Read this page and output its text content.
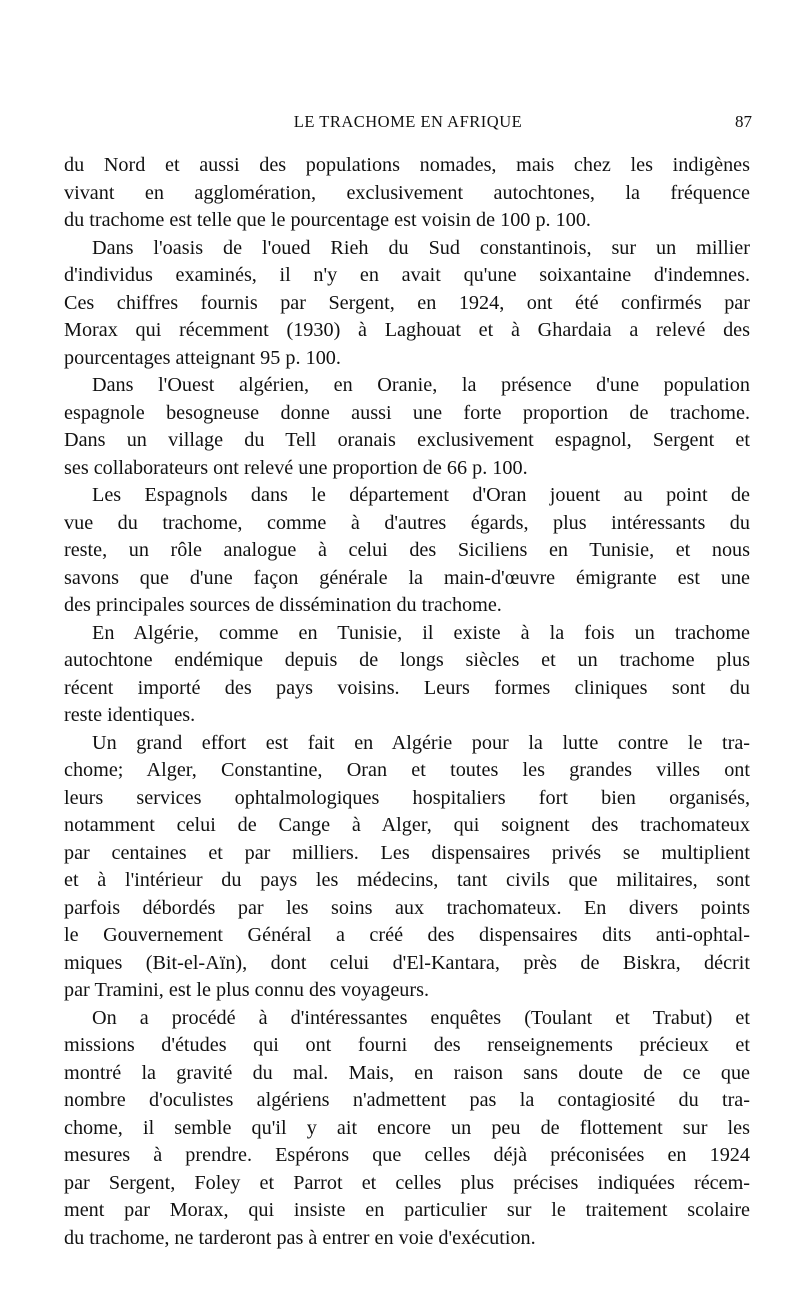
LE TRACHOME EN AFRIQUE	87
du Nord et aussi des populations nomades, mais chez les indigènes
vivant en agglomération, exclusivement autochtones, la fréquence
du trachome est telle que le pourcentage est voisin de 100 p. 100.
Dans l'oasis de l'oued Rieh du Sud constantinois, sur un millier
d'individus examinés, il n'y en avait qu'une soixantaine d'indemnes.
Ces chiffres fournis par Sergent, en 1924, ont été confirmés par
Morax qui récemment (1930) à Laghouat et à Ghardaia a relevé des
pourcentages atteignant 95 p. 100.
Dans l'Ouest algérien, en Oranie, la présence d'une population
espagnole besogneuse donne aussi une forte proportion de trachome.
Dans un village du Tell oranais exclusivement espagnol, Sergent et
ses collaborateurs ont relevé une proportion de 66 p. 100.
Les Espagnols dans le département d'Oran jouent au point de
vue du trachome, comme à d'autres égards, plus intéressants du
reste, un rôle analogue à celui des Siciliens en Tunisie, et nous
savons que d'une façon générale la main-d'œuvre émigrante est une
des principales sources de dissémination du trachome.
En Algérie, comme en Tunisie, il existe à la fois un trachome
autochtone endémique depuis de longs siècles et un trachome plus
récent importé des pays voisins. Leurs formes cliniques sont du
reste identiques.
Un grand effort est fait en Algérie pour la lutte contre le tra-
chome; Alger, Constantine, Oran et toutes les grandes villes ont
leurs services ophtalmologiques hospitaliers fort bien organisés,
notamment celui de Cange à Alger, qui soignent des trachomateux
par centaines et par milliers. Les dispensaires privés se multiplient
et à l'intérieur du pays les médecins, tant civils que militaires, sont
parfois débordés par les soins aux trachomateux. En divers points
le Gouvernement Général a créé des dispensaires dits anti-ophtal-
miques (Bit-el-Aïn), dont celui d'El-Kantara, près de Biskra, décrit
par Tramini, est le plus connu des voyageurs.
On a procédé à d'intéressantes enquêtes (Toulant et Trabut) et
missions d'études qui ont fourni des renseignements précieux et
montré la gravité du mal. Mais, en raison sans doute de ce que
nombre d'oculistes algériens n'admettent pas la contagiosité du tra-
chome, il semble qu'il y ait encore un peu de flottement sur les
mesures à prendre. Espérons que celles déjà préconisées en 1924
par Sergent, Foley et Parrot et celles plus précises indiquées récem-
ment par Morax, qui insiste en particulier sur le traitement scolaire
du trachome, ne tarderont pas à entrer en voie d'exécution.
